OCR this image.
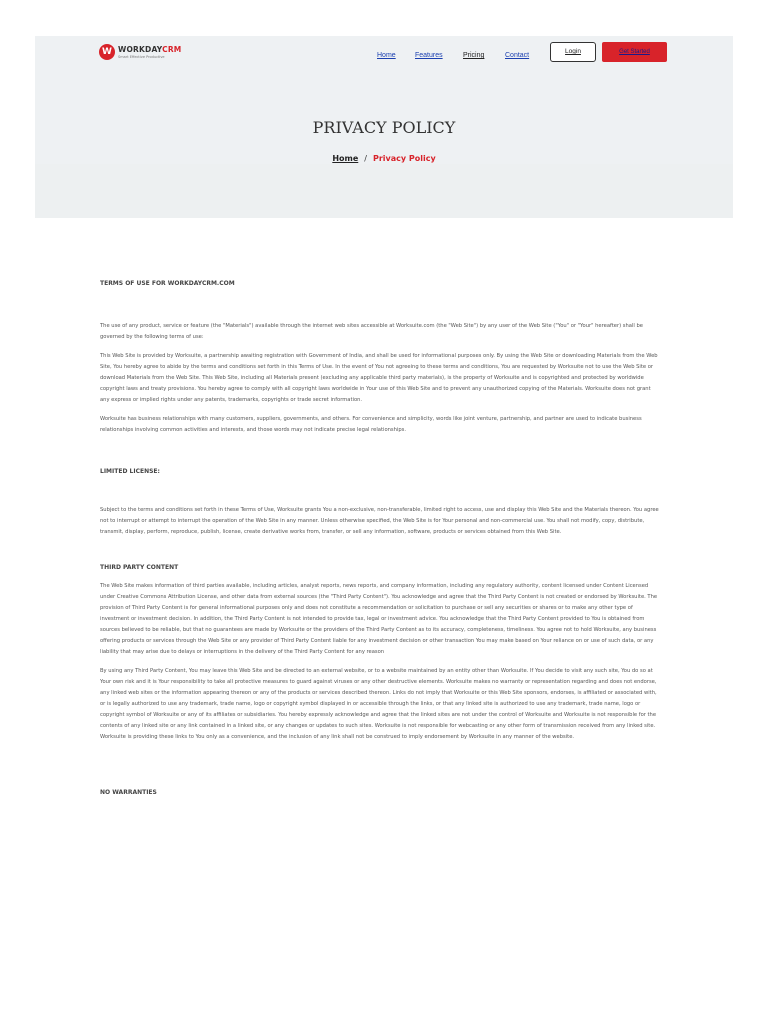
W WORKDAYCRM
Smart Effective Productive	Home	Features	Pricing	Contact
Login	Get Started
PRIVACY POLICY
Home / Privacy Policy
TERMS OF USE FOR WORKDAYCRM.COM

The use of any product, service or feature (the "Materials") available through the internet web sites accessible at Worksuite.com (the "Web Site") by any user of the Web Site ("You" or "Your" hereafter) shall be governed by the following terms of use:

This Web Site is provided by Worksuite, a partnership awaiting registration with Government of India, and shall be used for informational purposes only. By using the Web Site or downloading Materials from the Web Site, You hereby agree to abide by the terms and conditions set forth in this Terms of Use. In the event of You not agreeing to these terms and conditions, You are requested by Worksuite not to use the Web Site or download Materials from the Web Site. This Web Site, including all Materials present (excluding any applicable third party materials), is the property of Worksuite and is copyrighted and protected by worldwide copyright laws and treaty provisions. You hereby agree to comply with all copyright laws worldwide in Your use of this Web Site and to prevent any unauthorized copying of the Materials. Worksuite does not grant any express or implied rights under any patents, trademarks, copyrights or trade secret information.

Worksuite has business relationships with many customers, suppliers, governments, and others. For convenience and simplicity, words like joint venture, partnership, and partner are used to indicate business relationships involving common activities and interests, and those words may not indicate precise legal relationships.

LIMITED LICENSE:

Subject to the terms and conditions set forth in these Terms of Use, Worksuite grants You a non-exclusive, non-transferable, limited right to access, use and display this Web Site and the Materials thereon. You agree not to interrupt or attempt to interrupt the operation of the Web Site in any manner. Unless otherwise specified, the Web Site is for Your personal and non-commercial use. You shall not modify, copy, distribute, transmit, display, perform, reproduce, publish, license, create derivative works from, transfer, or sell any information, software, products or services obtained from this Web Site.

THIRD PARTY CONTENT

The Web Site makes information of third parties available, including articles, analyst reports, news reports, and company information, including any regulatory authority, content licensed under Content Licensed under Creative Commons Attribution License, and other data from external sources (the "Third Party Content"). You acknowledge and agree that the Third Party Content is not created or endorsed by Worksuite. The provision of Third Party Content is for general informational purposes only and does not constitute a recommendation or solicitation to purchase or sell any securities or shares or to make any other type of investment or investment decision. In addition, the Third Party Content is not intended to provide tax, legal or investment advice. You acknowledge that the Third Party Content provided to You is obtained from sources believed to be reliable, but that no guarantees are made by Worksuite or the providers of the Third Party Content as to its accuracy, completeness, timeliness. You agree not to hold Worksuite, any business offering products or services through the Web Site or any provider of Third Party Content liable for any investment decision or other transaction You may make based on Your reliance on or use of such data, or any liability that may arise due to delays or interruptions in the delivery of the Third Party Content for any reason

By using any Third Party Content, You may leave this Web Site and be directed to an external website, or to a website maintained by an entity other than Worksuite. If You decide to visit any such site, You do so at Your own risk and it is Your responsibility to take all protective measures to guard against viruses or any other destructive elements. Worksuite makes no warranty or representation regarding and does not endorse, any linked web sites or the information appearing thereon or any of the products or services described thereon. Links do not imply that Worksuite or this Web Site sponsors, endorses, is affiliated or associated with, or is legally authorized to use any trademark, trade name, logo or copyright symbol displayed in or accessible through the links, or that any linked site is authorized to use any trademark, trade name, logo or copyright symbol of Worksuite or any of its affiliates or subsidiaries. You hereby expressly acknowledge and agree that the linked sites are not under the control of Worksuite and Worksuite is not responsible for the contents of any linked site or any link contained in a linked site, or any changes or updates to such sites. Worksuite is not responsible for webcasting or any other form of transmission received from any linked site. Worksuite is providing these links to You only as a convenience, and the inclusion of any link shall not be construed to imply endorsement by Worksuite in any manner of the website.

NO WARRANTIES
